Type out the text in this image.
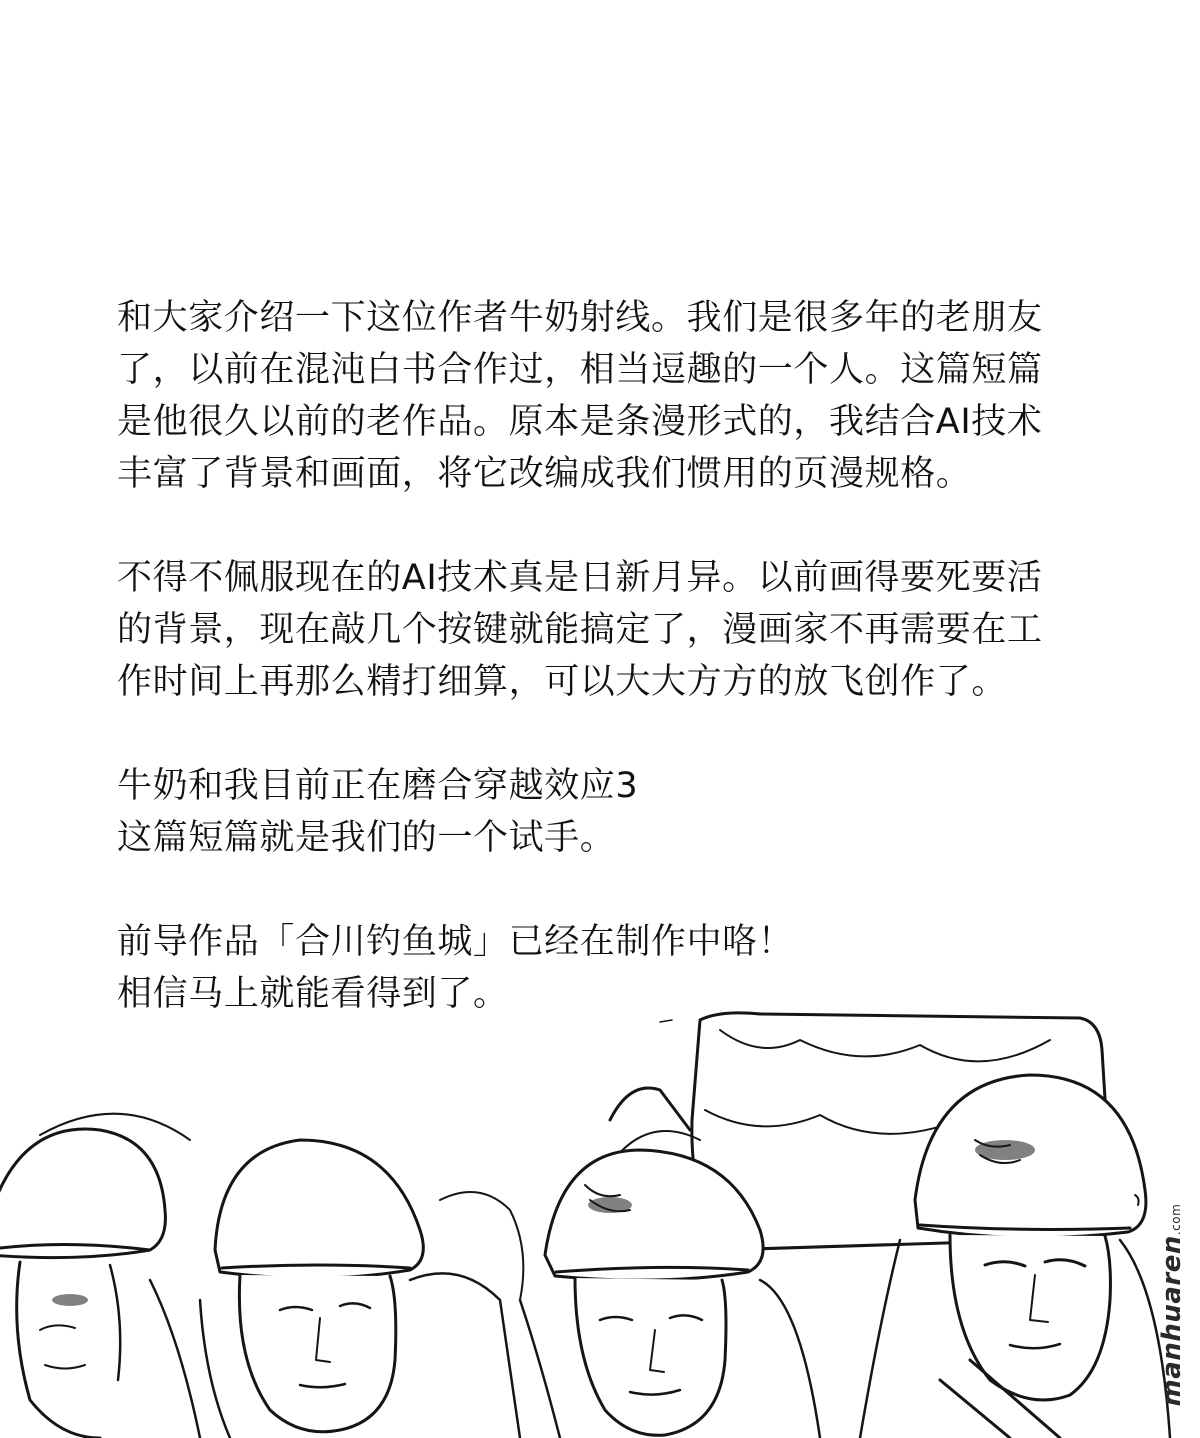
和大家介绍一下这位作者牛奶射线。我们是很多年的老朋友
了，以前在混沌白书合作过，相当逗趣的一个人。这篇短篇
是他很久以前的老作品。原本是条漫形式的，我结合AI技术
丰富了背景和画面，将它改编成我们惯用的页漫规格。

不得不佩服现在的AI技术真是日新月异。以前画得要死要活
的背景，现在敲几个按键就能搞定了，漫画家不再需要在工
作时间上再那么精打细算，可以大大方方的放飞创作了。

牛奶和我目前正在磨合穿越效应3
这篇短篇就是我们的一个试手。

前导作品「合川钓鱼城」已经在制作中咯！
相信马上就能看得到了。

manhuaren.com
